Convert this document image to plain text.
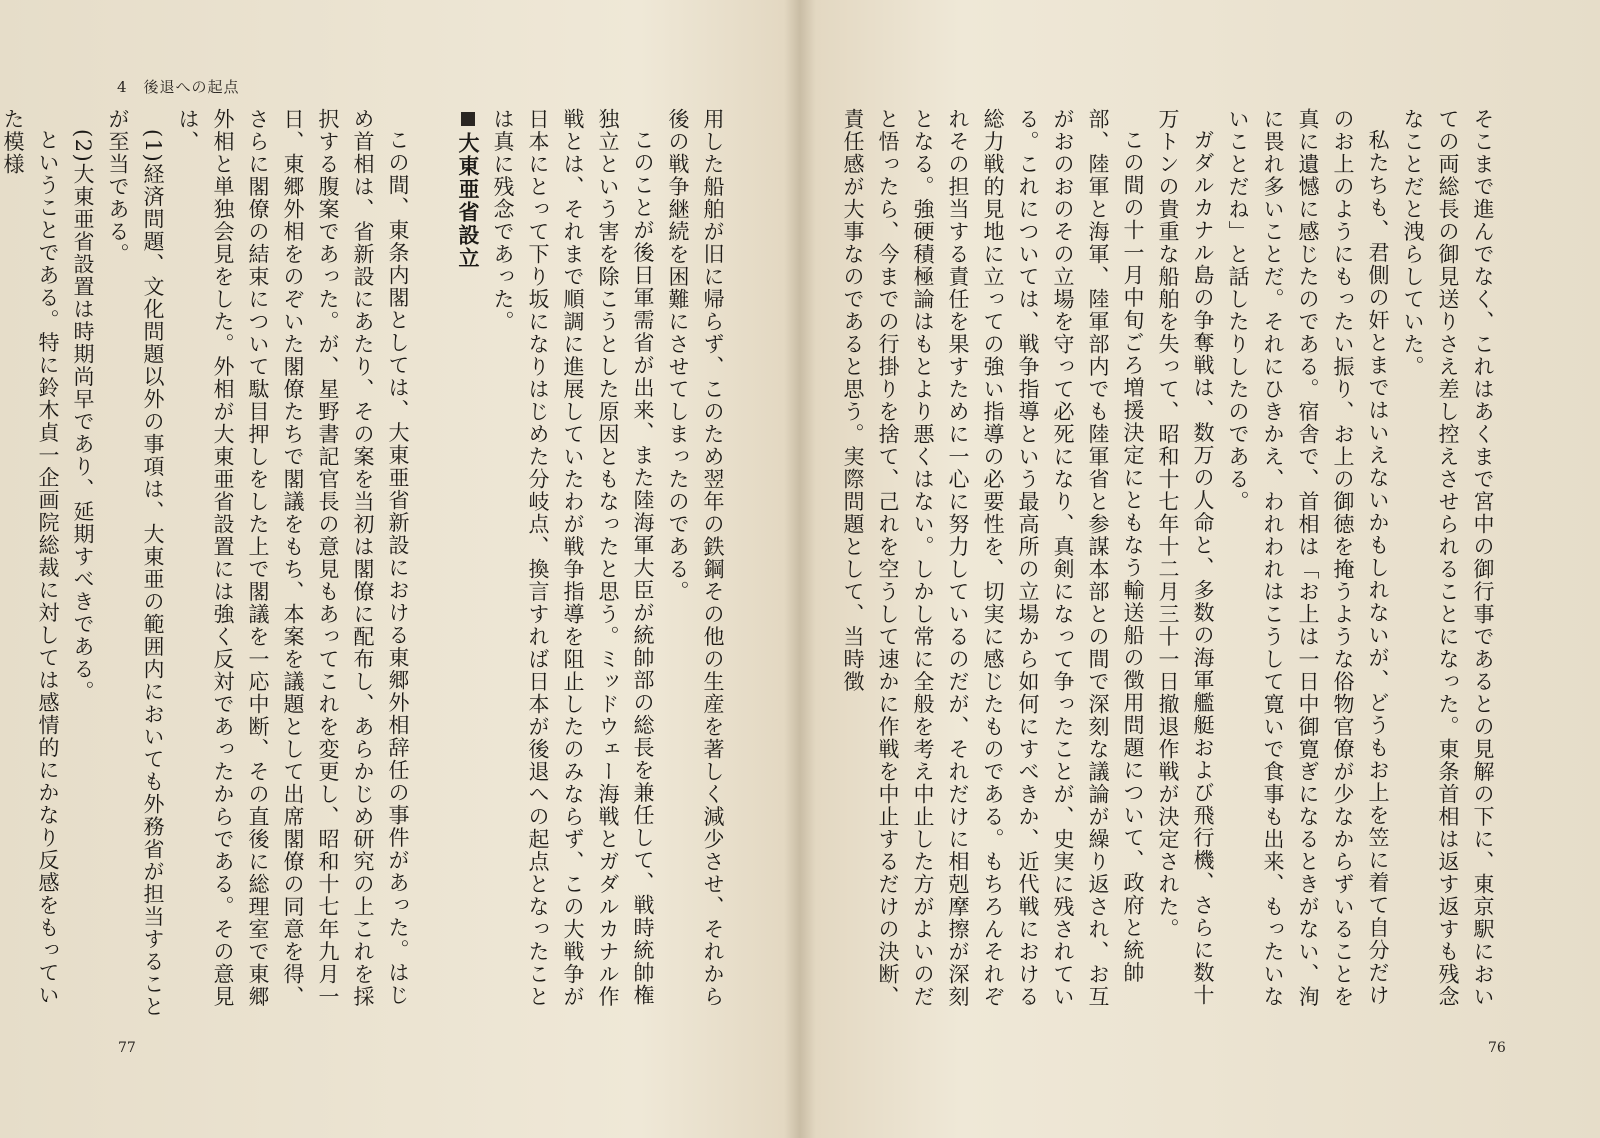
4　後退への起点

用した船舶が旧に帰らず、このため翌年の鉄鋼その他の生産を著しく減少させ、それから後の戦争継続を困難にさせてしまったのである。

このことが後日軍需省が出来、また陸海軍大臣が統帥部の総長を兼任して、戦時統帥権独立という害を除こうとした原因ともなったと思う。ミッドウェー海戦とガダルカナル作戦とは、それまで順調に進展していたわが戦争指導を阻止したのみならず、この大戦争が日本にとって下り坂になりはじめた分岐点、換言すれば日本が後退への起点となったことは真に残念であった。

大東亜省設立

この間、東条内閣としては、大東亜省新設における東郷外相辞任の事件があった。はじめ首相は、省新設にあたり、その案を当初は閣僚に配布し、あらかじめ研究の上これを採択する腹案であった。が、星野書記官長の意見もあってこれを変更し、昭和十七年九月一日、東郷外相をのぞいた閣僚たちで閣議をもち、本案を議題として出席閣僚の同意を得、さらに閣僚の結束について駄目押しをした上で閣議を一応中断、その直後に総理室で東郷外相と単独会見をした。外相が大東亜省設置には強く反対であったからである。その意見は、

(1)経済問題、文化問題以外の事項は、大東亜の範囲内においても外務省が担当することが至当である。

(2)大東亜省設置は時期尚早であり、延期すべきである。

ということである。特に鈴木貞一企画院総裁に対しては感情的にかなり反感をもっていた模様

77

そこまで進んでなく、これはあくまで宮中の御行事であるとの見解の下に、東京駅においての両総長の御見送りさえ差し控えさせられることになった。東条首相は返す返すも残念なことだと洩らしていた。

私たちも、君側の奸とまではいえないかもしれないが、どうもお上を笠に着て自分だけのお上のようにもったい振り、お上の御徳を掩うような俗物官僚が少なからずいることを真に遺憾に感じたのである。宿舎で、首相は「お上は一日中御寛ぎになるときがない、洵に畏れ多いことだ。それにひきかえ、われわれはこうして寛いで食事も出来、もったいないことだね」と話したりしたのである。

ガダルカナル島の争奪戦は、数万の人命と、多数の海軍艦艇および飛行機、さらに数十万トンの貴重な船舶を失って、昭和十七年十二月三十一日撤退作戦が決定された。

この間の十一月中旬ごろ増援決定にともなう輸送船の徴用問題について、政府と統帥部、陸軍と海軍、陸軍部内でも陸軍省と参謀本部との間で深刻な議論が繰り返され、お互がおのおのその立場を守って必死になり、真剣になって争ったことが、史実に残されている。これについては、戦争指導という最高所の立場から如何にすべきか、近代戦における総力戦的見地に立っての強い指導の必要性を、切実に感じたものである。もちろんそれぞれその担当する責任を果すために一心に努力しているのだが、それだけに相剋摩擦が深刻となる。強硬積極論はもとより悪くはない。しかし常に全般を考え中止した方がよいのだと悟ったら、今までの行掛りを捨て、己れを空うして速かに作戦を中止するだけの決断、責任感が大事なのであると思う。実際問題として、当時徴

76
